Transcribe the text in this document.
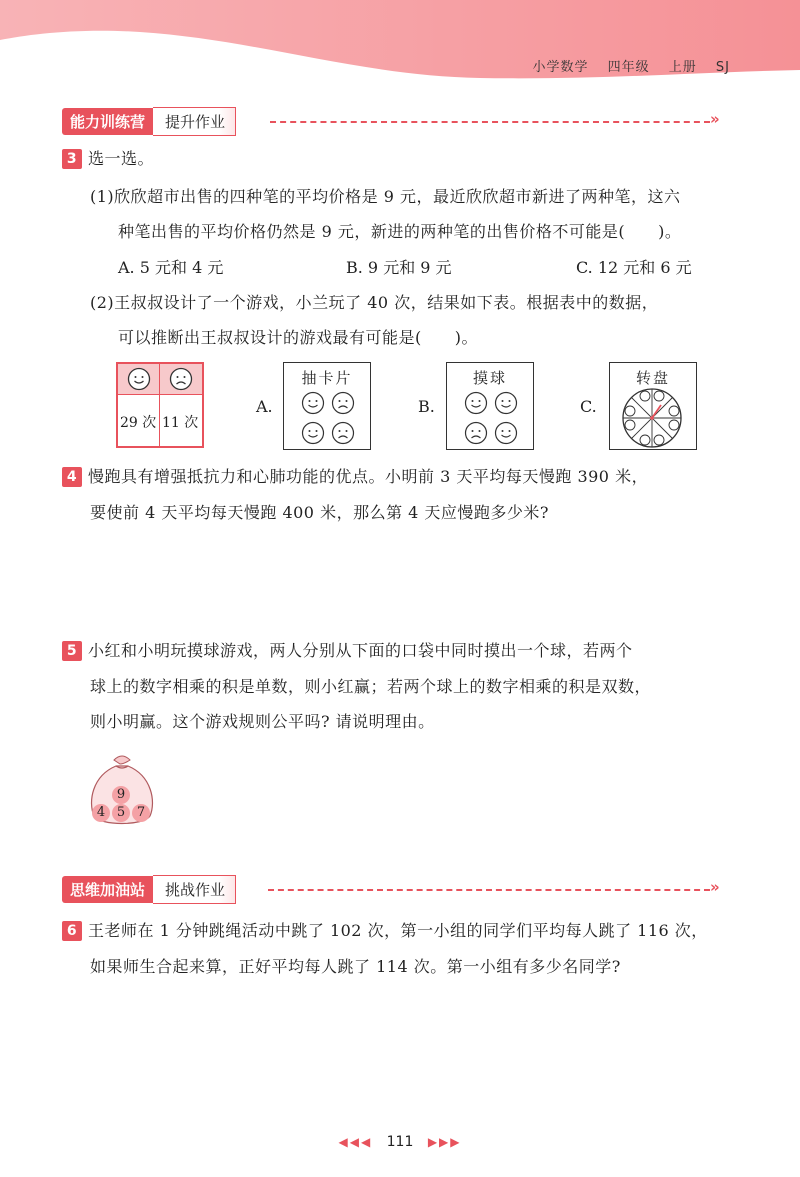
小学数学 四年级 上册 SJ
能力训练营	提升作业	»
3 选一选。
(1)欣欣超市出售的四种笔的平均价格是 9 元，最近欣欣超市新进了两种笔，这六
种笔出售的平均价格仍然是 9 元，新进的两种笔的出售价格不可能是(　　)。
A. 5 元和 4 元	B. 9 元和 9 元	C. 12 元和 6 元
(2)王叔叔设计了一个游戏，小兰玩了 40 次，结果如下表。根据表中的数据，
可以推断出王叔叔设计的游戏最有可能是(　　)。
29 次 11 次
A.
抽卡片
B.
摸球
C.
转盘
4 慢跑具有增强抵抗力和心肺功能的优点。小明前 3 天平均每天慢跑 390 米，
要使前 4 天平均每天慢跑 400 米，那么第 4 天应慢跑多少米?
5 小红和小明玩摸球游戏，两人分别从下面的口袋中同时摸出一个球，若两个
球上的数字相乘的积是单数，则小红赢；若两个球上的数字相乘的积是双数，
则小明赢。这个游戏规则公平吗? 请说明理由。
9
4 5 7
思维加油站	挑战作业	»
6 王老师在 1 分钟跳绳活动中跳了 102 次，第一小组的同学们平均每人跳了 116 次，
如果师生合起来算，正好平均每人跳了 114 次。第一小组有多少名同学?
◀◀◀ 111 ▶▶▶
